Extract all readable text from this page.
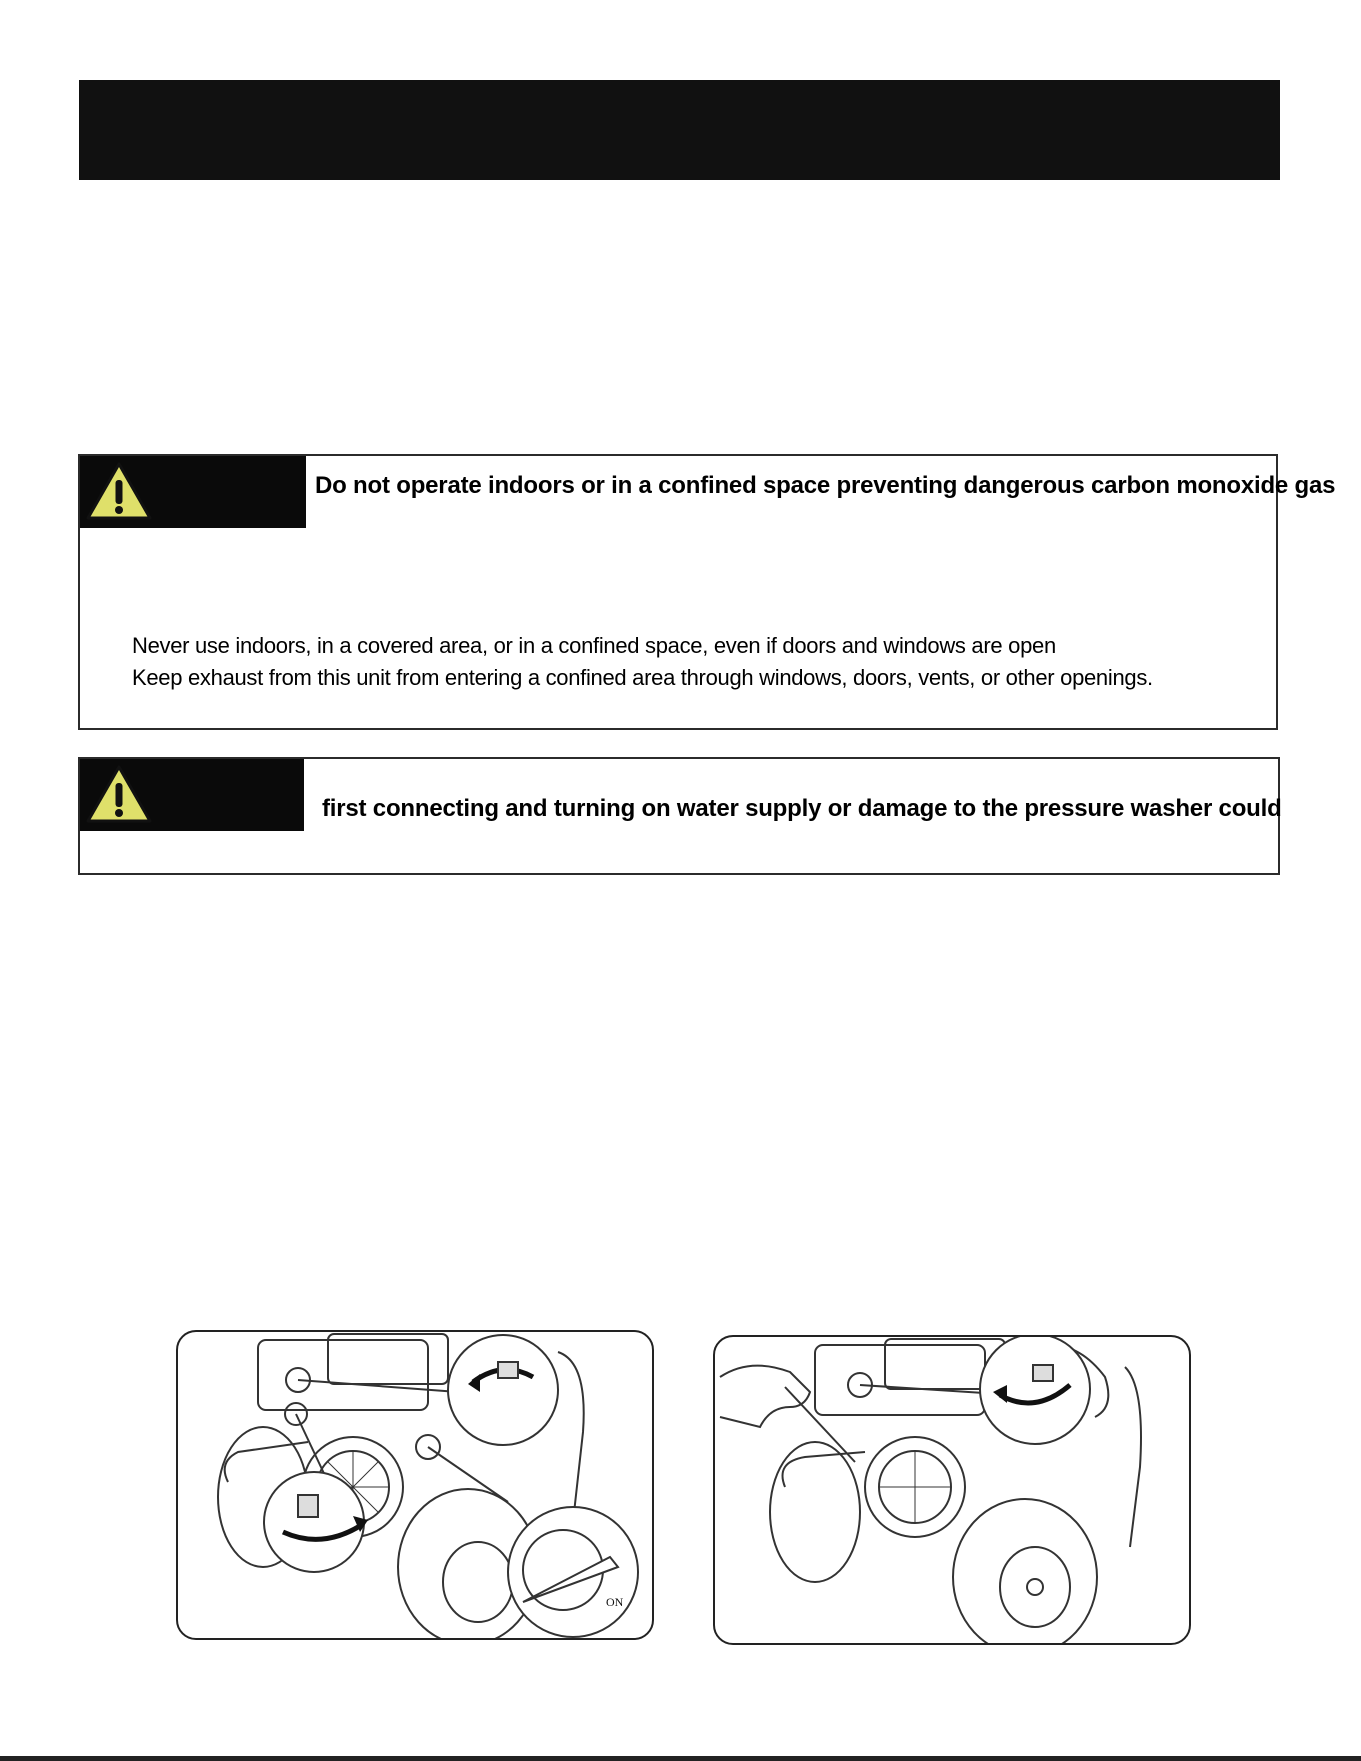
Do not operate indoors or in a confined space preventing dangerous carbon monoxide gas
Never use indoors, in a covered area, or in a confined space, even if doors and windows are open
Keep exhaust from this unit from entering a confined area through windows, doors, vents, or other openings.
first connecting and turning on water supply or damage to the pressure washer could
ON
